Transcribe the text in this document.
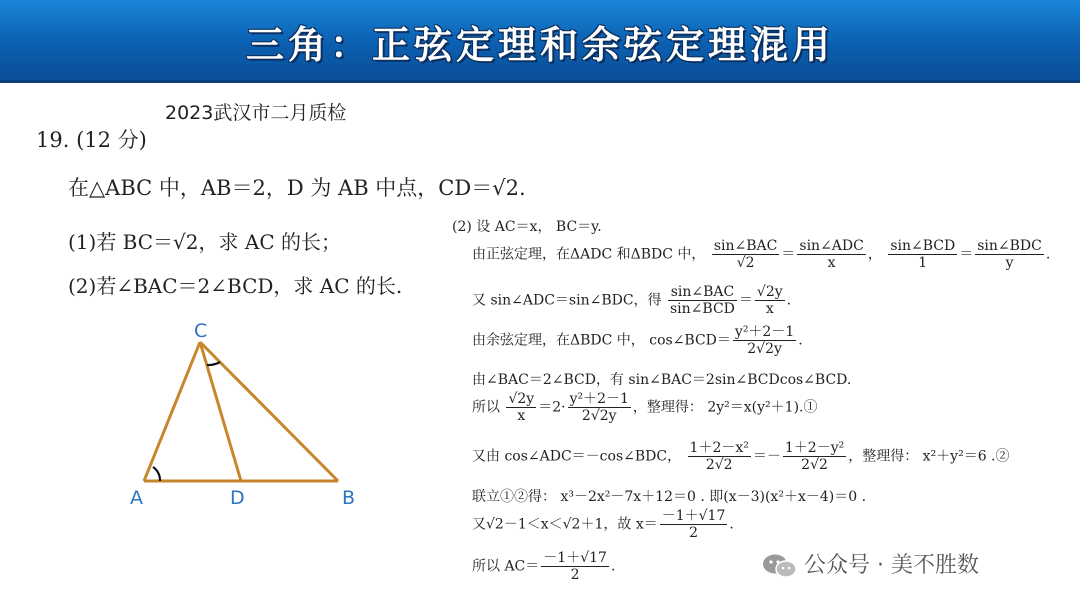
三角：正弦定理和余弦定理混用
2023武汉市二月质检
19. (12 分)
在△ABC 中，AB＝2，D 为 AB 中点，CD＝√2.
(1)若 BC＝√2，求 AC 的长；
(2)若∠BAC＝2∠BCD，求 AC 的长.
C
A	D	B
(2) 设 AC＝x， BC＝y.
由正弦定理，在ΔADC 和ΔBDC 中， $\frac{\text{sin∠BAC}}{√2} = \frac{\text{sin∠ADC}}{x}$ ， $\frac{\text{sin∠BCD}}{1} = \frac{\text{sin∠BDC}}{y}$ .
又 sin∠ADC＝sin∠BDC，得 $\frac{\text{sin∠BAC}}{\text{sin∠BCD}} = \frac{√2y}{x}$ .
由余弦定理，在ΔBDC 中， cos∠BCD＝ $\frac{\text{y²＋2－1}}{2√2y}$ .
由∠BAC＝2∠BCD，有 sin∠BAC＝2sin∠BCDcos∠BCD.
所以 $\frac{√2y}{x} =2\cdot \frac{\text{y²＋2－1}}{2√2y}$ ，整理得： 2y²＝x(y²＋1).①
又由 cos∠ADC＝－cos∠BDC， $\frac{\text{1＋2－x²}}{2√2} =- \frac{\text{1＋2－y²}}{2√2}$ ，整理得： x²＋y²＝6 .②
联立①②得： x³－2x²－7x＋12＝0 . 即(x－3)(x²＋x－4)＝0 .
又√2－1＜x＜√2＋1，故 $x= \frac{-1+√17}{2}$ .
所以 $AC= \frac{-1+√17}{2}$ .	公众号 · 美不胜数
